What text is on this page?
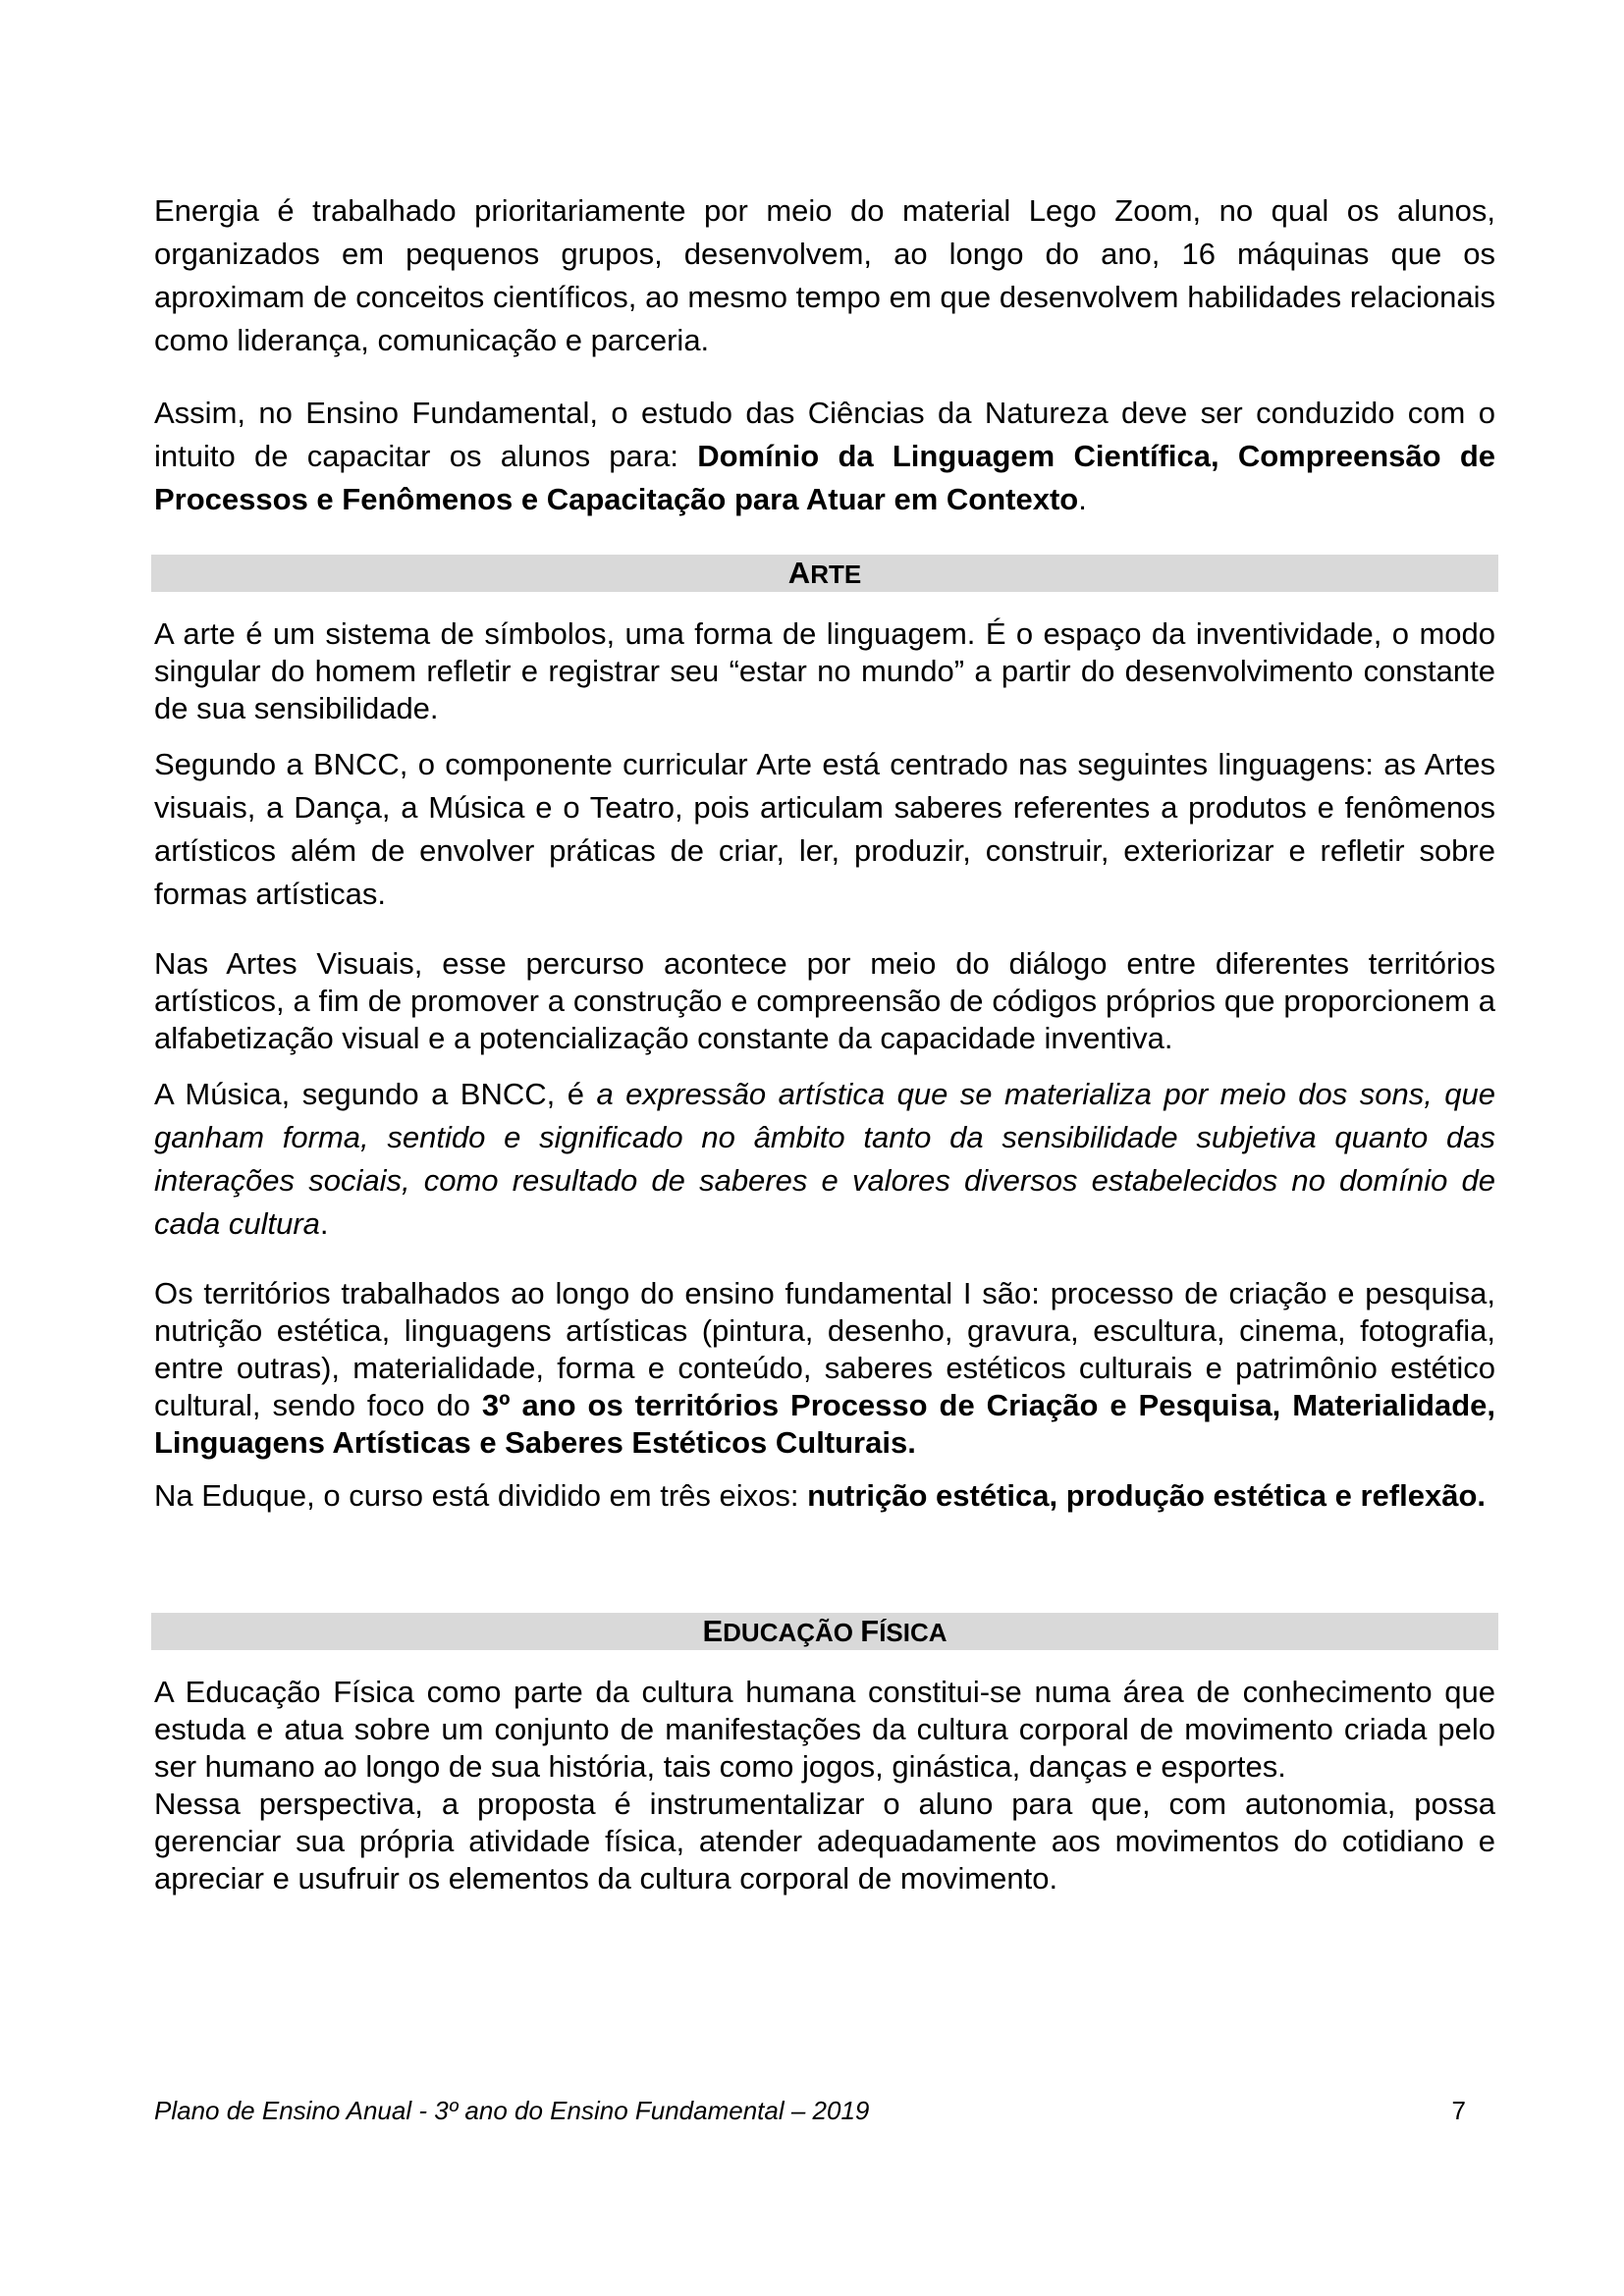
Energia é trabalhado prioritariamente por meio do material Lego Zoom, no qual os alunos, organizados em pequenos grupos, desenvolvem, ao longo do ano, 16 máquinas que os aproximam de conceitos científicos, ao mesmo tempo em que desenvolvem habilidades relacionais como liderança, comunicação e parceria.

Assim, no Ensino Fundamental, o estudo das Ciências da Natureza deve ser conduzido com o intuito de capacitar os alunos para: Domínio da Linguagem Científica, Compreensão de Processos e Fenômenos e Capacitação para Atuar em Contexto.

ARTE

A arte é um sistema de símbolos, uma forma de linguagem. É o espaço da inventividade, o modo singular do homem refletir e registrar seu “estar no mundo” a partir do desenvolvimento constante de sua sensibilidade.

Segundo a BNCC, o componente curricular Arte está centrado nas seguintes linguagens: as Artes visuais, a Dança, a Música e o Teatro, pois articulam saberes referentes a produtos e fenômenos artísticos além de envolver práticas de criar, ler, produzir, construir, exteriorizar e refletir sobre formas artísticas.

Nas Artes Visuais, esse percurso acontece por meio do diálogo entre diferentes territórios artísticos, a fim de promover a construção e compreensão de códigos próprios que proporcionem a alfabetização visual e a potencialização constante da capacidade inventiva.

A Música, segundo a BNCC, é a expressão artística que se materializa por meio dos sons, que ganham forma, sentido e significado no âmbito tanto da sensibilidade subjetiva quanto das interações sociais, como resultado de saberes e valores diversos estabelecidos no domínio de cada cultura.

Os territórios trabalhados ao longo do ensino fundamental I são: processo de criação e pesquisa, nutrição estética, linguagens artísticas (pintura, desenho, gravura, escultura, cinema, fotografia, entre outras), materialidade, forma e conteúdo, saberes estéticos culturais e patrimônio estético cultural, sendo foco do 3º ano os territórios Processo de Criação e Pesquisa, Materialidade, Linguagens Artísticas e Saberes Estéticos Culturais.

Na Eduque, o curso está dividido em três eixos: nutrição estética, produção estética e reflexão.

EDUCAÇÃO FÍSICA

A Educação Física como parte da cultura humana constitui-se numa área de conhecimento que estuda e atua sobre um conjunto de manifestações da cultura corporal de movimento criada pelo ser humano ao longo de sua história, tais como jogos, ginástica, danças e esportes.

Nessa perspectiva, a proposta é instrumentalizar o aluno para que, com autonomia, possa gerenciar sua própria atividade física, atender adequadamente aos movimentos do cotidiano e apreciar e usufruir os elementos da cultura corporal de movimento.

Plano de Ensino Anual - 3º ano do Ensino Fundamental – 2019	7
